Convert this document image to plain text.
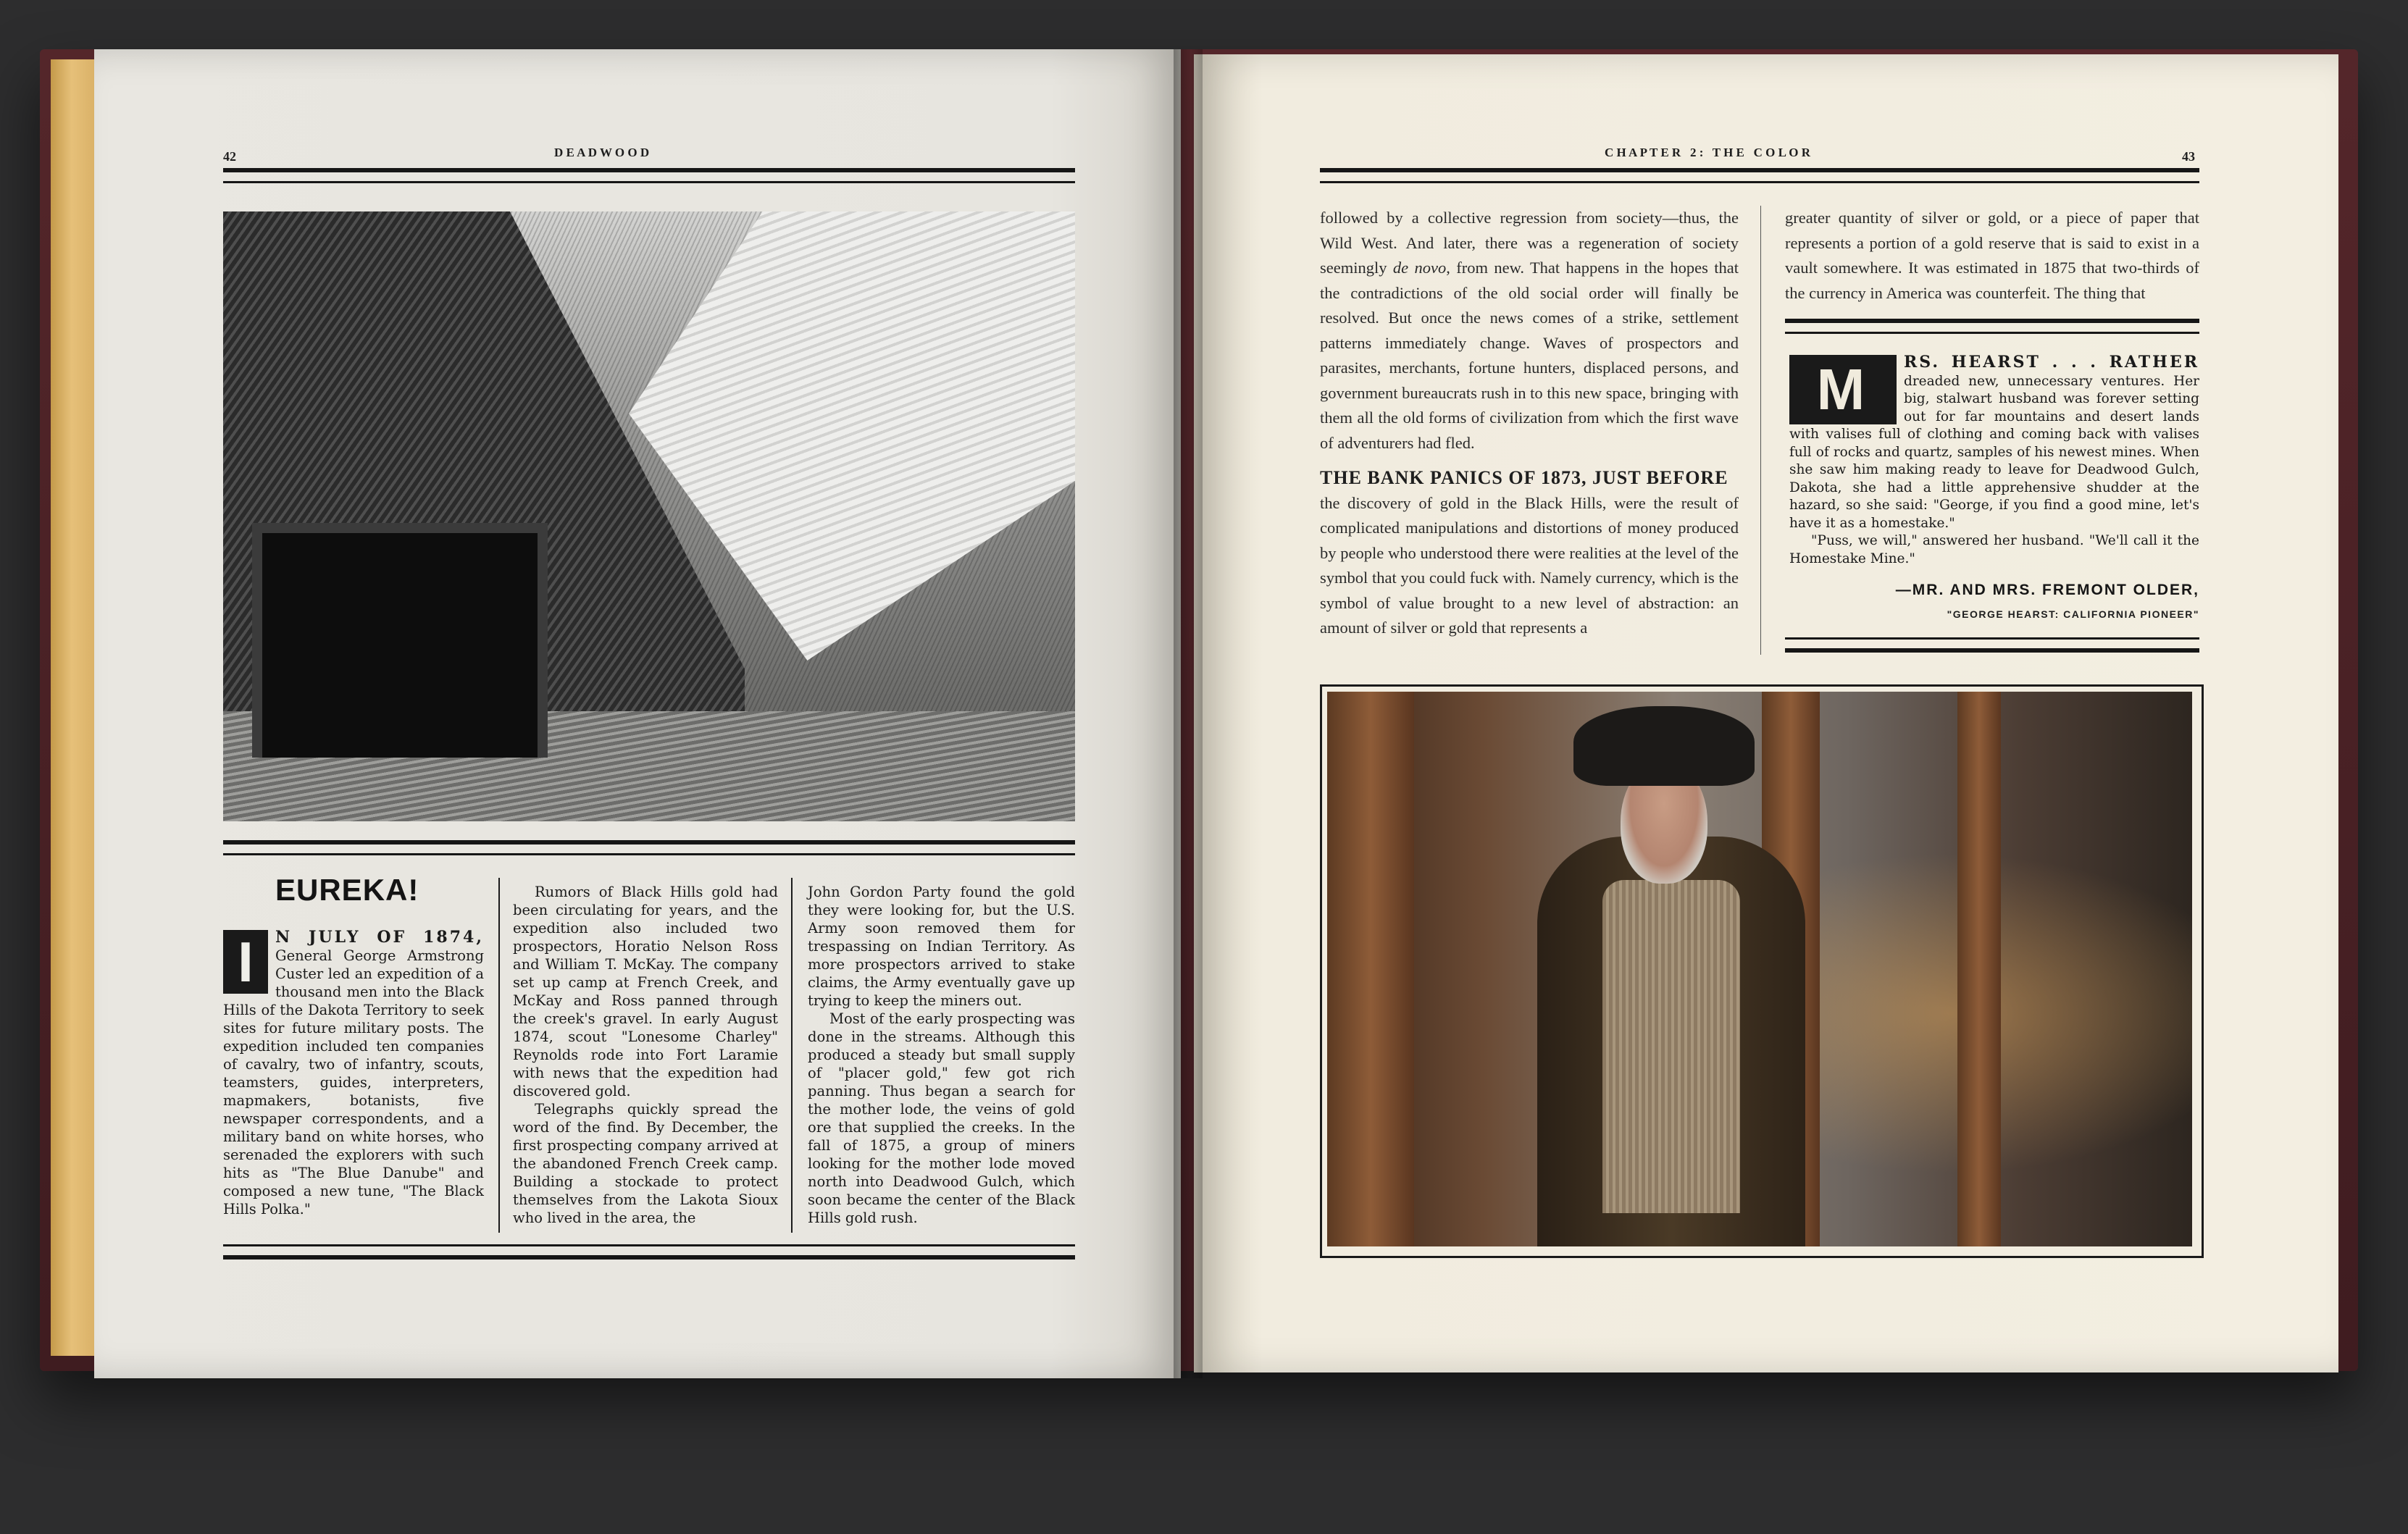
42	D E A D W O O D
EUREKA!

I	N JULY OF 1874, General George Armstrong Custer led an expedition of a thousand men into the Black Hills of the Dakota Territory to seek sites for future military posts. The expedition included ten companies of cavalry, two of infantry, scouts, teamsters, guides, interpreters, mapmakers, botanists, five newspaper correspondents, and a military band on white horses, who serenaded the explorers with such hits as "The Blue Danube" and composed a new tune, "The Black Hills Polka."

Rumors of Black Hills gold had been circulating for years, and the expedition also included two prospectors, Horatio Nelson Ross and William T. McKay. The company set up camp at French Creek, and McKay and Ross panned through the creek's gravel. In early August 1874, scout "Lonesome Charley" Reynolds rode into Fort Laramie with news that the expedition had discovered gold.

Telegraphs quickly spread the word of the find. By December, the first prospecting company arrived at the abandoned French Creek camp. Building a stockade to protect themselves from the Lakota Sioux who lived in the area, the

John Gordon Party found the gold they were looking for, but the U.S. Army soon removed them for trespassing on Indian Territory. As more prospectors arrived to stake claims, the Army eventually gave up trying to keep the miners out.

Most of the early prospecting was done in the streams. Although this produced a steady but small supply of "placer gold," few got rich panning. Thus began a search for the mother lode, the veins of gold ore that supplied the creeks. In the fall of 1875, a group of miners looking for the mother lode moved north into Deadwood Gulch, which soon became the center of the Black Hills gold rush.

C H A P T E R   2 :   T H E   C O L O R	43

followed by a collective regression from society—thus, the Wild West. And later, there was a regeneration of society seemingly de novo, from new. That happens in the hopes that the contradictions of the old social order will finally be resolved. But once the news comes of a strike, settlement patterns immediately change. Waves of prospectors and parasites, merchants, fortune hunters, displaced persons, and government bureaucrats rush in to this new space, bringing with them all the old forms of civilization from which the first wave of adventurers had fled.

THE BANK PANICS OF 1873, JUST BEFORE

the discovery of gold in the Black Hills, were the result of complicated manipulations and distortions of money produced by people who understood there were realities at the level of the symbol that you could fuck with. Namely currency, which is the symbol of value brought to a new level of abstraction: an amount of silver or gold that represents a

greater quantity of silver or gold, or a piece of paper that represents a portion of a gold reserve that is said to exist in a vault somewhere. It was estimated in 1875 that two-thirds of the currency in America was counterfeit. The thing that

M	RS. HEARST . . . RATHER dreaded new, unnecessary ventures. Her big, stalwart husband was forever setting out for far mountains and desert lands with valises full of clothing and coming back with valises full of rocks and quartz, samples of his newest mines. When she saw him making ready to leave for Deadwood Gulch, Dakota, she had a little apprehensive shudder at the hazard, so she said: "George, if you find a good mine, let's have it as a homestake."

"Puss, we will," answered her husband. "We'll call it the Homestake Mine."

—MR. AND MRS. FREMONT OLDER,
"GEORGE HEARST: CALIFORNIA PIONEER"
